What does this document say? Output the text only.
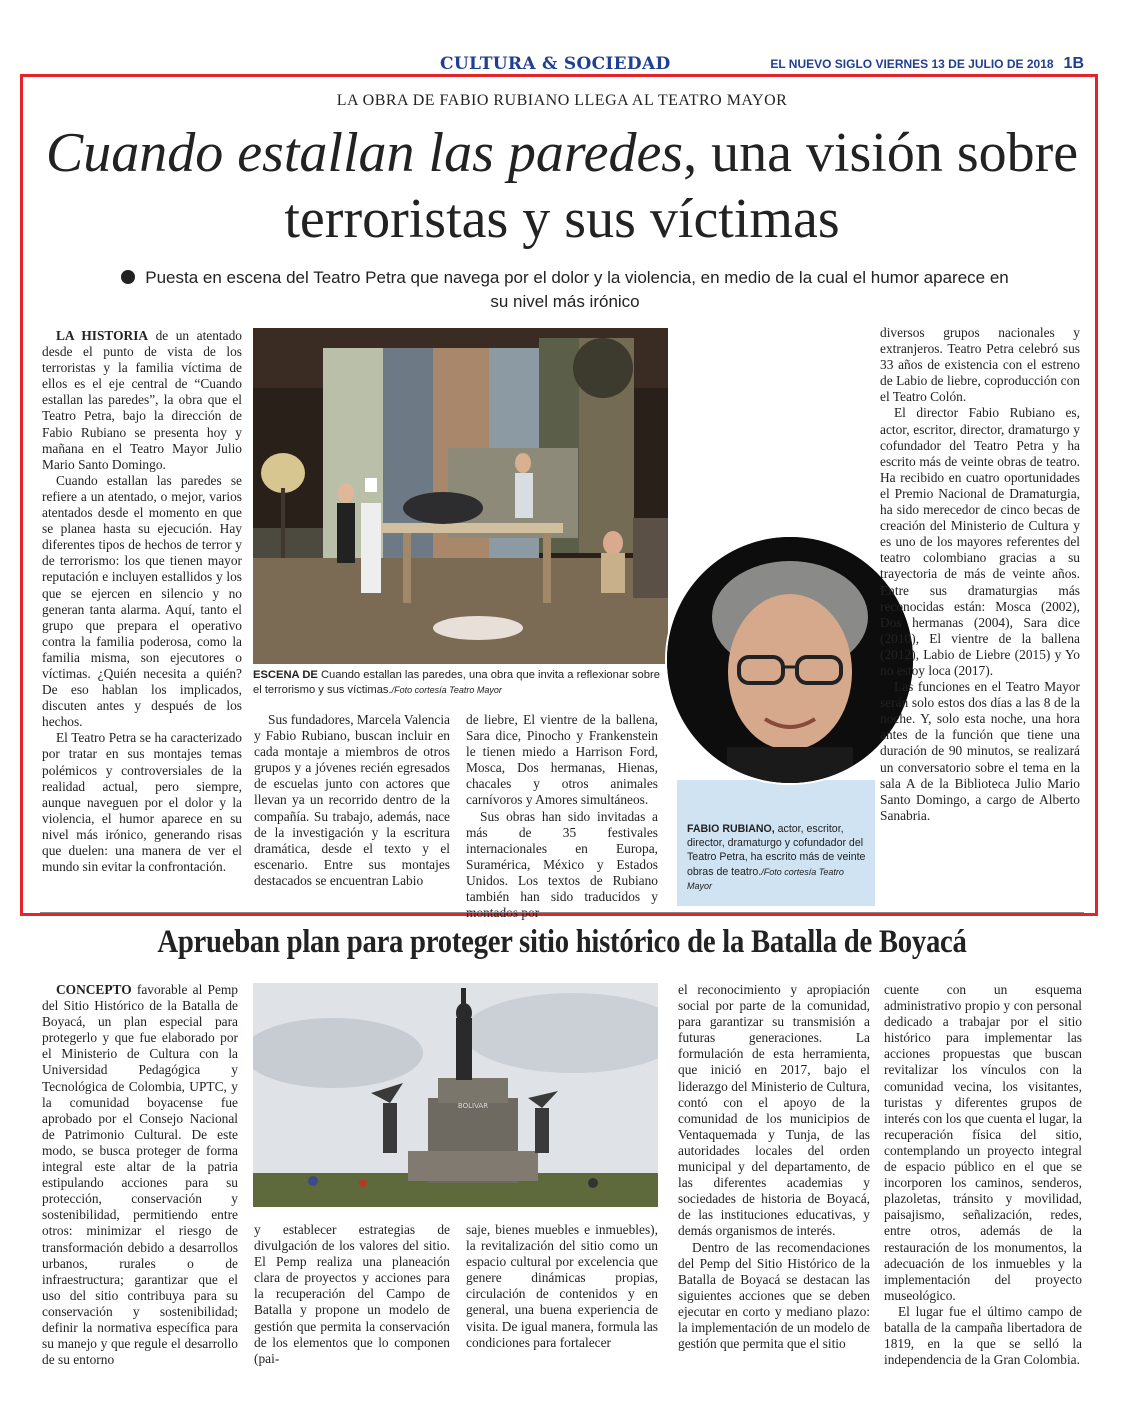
CULTURA & SOCIEDAD	EL NUEVO SIGLO VIERNES 13 DE JULIO DE 2018 1B
LA OBRA DE FABIO RUBIANO LLEGA AL TEATRO MAYOR
Cuando estallan las paredes, una visión sobre terroristas y sus víctimas
Puesta en escena del Teatro Petra que navega por el dolor y la violencia, en medio de la cual el humor aparece en su nivel más irónico

LA HISTORIA de un atentado desde el punto de vista de los terroristas y la familia víctima de ellos es el eje central de “Cuando estallan las paredes”, la obra que el Teatro Petra, bajo la dirección de Fabio Rubiano se presenta hoy y mañana en el Teatro Mayor Julio Mario Santo Domingo.

Cuando estallan las paredes se refiere a un atentado, o mejor, varios atentados desde el momento en que se planea hasta su ejecución. Hay diferentes tipos de hechos de terror y de terrorismo: los que tienen mayor reputación e incluyen estallidos y los que se ejercen en silencio y no generan tanta alarma. Aquí, tanto el grupo que prepara el operativo contra la familia poderosa, como la familia misma, son ejecutores o víctimas. ¿Quién necesita a quién? De eso hablan los implicados, discuten antes y después de los hechos.

El Teatro Petra se ha caracterizado por tratar en sus montajes temas polémicos y controversiales de la realidad actual, pero siempre, aunque naveguen por el dolor y la violencia, el humor aparece en su nivel más irónico, generando risas que duelen: una manera de ver el mundo sin evitar la confrontación.

ESCENA DE Cuando estallan las paredes, una obra que invita a reflexionar sobre el terrorismo y sus víctimas./Foto cortesía Teatro Mayor

Sus fundadores, Marcela Valencia y Fabio Rubiano, buscan incluir en cada montaje a miembros de otros grupos y a jóvenes recién egresados de escuelas junto con actores que llevan ya un recorrido dentro de la compañía. Su trabajo, además, nace de la investigación y la escritura dramática, desde el texto y el escenario. Entre sus montajes destacados se encuentran Labio

de liebre, El vientre de la ballena, Sara dice, Pinocho y Frankenstein le tienen miedo a Harrison Ford, Mosca, Dos hermanas, Hienas, chacales y otros animales carnívoros y Amores simultáneos.

Sus obras han sido invitadas a más de 35 festivales internacionales en Europa, Suramérica, México y Estados Unidos. Los textos de Rubiano también han sido traducidos y montados por

FABIO RUBIANO, actor, escritor, director, dramaturgo y cofundador del Teatro Petra, ha escrito más de veinte obras de teatro./Foto cortesía Teatro Mayor

diversos grupos nacionales y extranjeros. Teatro Petra celebró sus 33 años de existencia con el estreno de Labio de liebre, coproducción con el Teatro Colón.

El director Fabio Rubiano es, actor, escritor, director, dramaturgo y cofundador del Teatro Petra y ha escrito más de veinte obras de teatro. Ha recibido en cuatro oportunidades el Premio Nacional de Dramaturgia, ha sido merecedor de cinco becas de creación del Ministerio de Cultura y es uno de los mayores referentes del teatro colombiano gracias a su trayectoria de más de veinte años. Entre sus dramaturgias más reconocidas están: Mosca (2002), Dos hermanas (2004), Sara dice (2010), El vientre de la ballena (2012), Labio de Liebre (2015) y Yo no estoy loca (2017).

Las funciones en el Teatro Mayor serán solo estos dos días a las 8 de la noche. Y, solo esta noche, una hora antes de la función que tiene una duración de 90 minutos, se realizará un conversatorio sobre el tema en la sala A de la Biblioteca Julio Mario Santo Domingo, a cargo de Alberto Sanabria.

Aprueban plan para proteger sitio histórico de la Batalla de Boyacá

CONCEPTO favorable al Pemp del Sitio Histórico de la Batalla de Boyacá, un plan especial para protegerlo y que fue elaborado por el Ministerio de Cultura con la Universidad Pedagógica y Tecnológica de Colombia, UPTC, y la comunidad boyacense fue aprobado por el Consejo Nacional de Patrimonio Cultural. De este modo, se busca proteger de forma integral este altar de la patria estipulando acciones para su protección, conservación y sostenibilidad, permitiendo entre otros: minimizar el riesgo de transformación debido a desarrollos urbanos, rurales o de infraestructura; garantizar que el uso del sitio contribuya para su conservación y sostenibilidad; definir la normativa específica para su manejo y que regule el desarrollo de su entorno

BOLIVAR

y establecer estrategias de divulgación de los valores del sitio. El Pemp realiza una planeación clara de proyectos y acciones para la recuperación del Campo de Batalla y propone un modelo de gestión que permita la conservación de los elementos que lo componen (pai-

saje, bienes muebles e inmuebles), la revitalización del sitio como un espacio cultural por excelencia que genere dinámicas propias, circulación de contenidos y en general, una buena experiencia de visita. De igual manera, formula las condiciones para fortalecer

el reconocimiento y apropiación social por parte de la comunidad, para garantizar su transmisión a futuras generaciones. La formulación de esta herramienta, que inició en 2017, bajo el liderazgo del Ministerio de Cultura, contó con el apoyo de la comunidad de los municipios de Ventaquemada y Tunja, de las autoridades locales del orden municipal y del departamento, de las diferentes academias y sociedades de historia de Boyacá, de las instituciones educativas, y demás organismos de interés.

Dentro de las recomendaciones del Pemp del Sitio Histórico de la Batalla de Boyacá se destacan las siguientes acciones que se deben ejecutar en corto y mediano plazo: la implementación de un modelo de gestión que permita que el sitio

cuente con un esquema administrativo propio y con personal dedicado a trabajar por el sitio histórico para implementar las acciones propuestas que buscan revitalizar los vínculos con la comunidad vecina, los visitantes, turistas y diferentes grupos de interés con los que cuenta el lugar, la recuperación física del sitio, contemplando un proyecto integral de espacio público en el que se incorporen los caminos, senderos, plazoletas, tránsito y movilidad, paisajismo, señalización, redes, entre otros, además de la restauración de los monumentos, la adecuación de los inmuebles y la implementación del proyecto museológico.

El lugar fue el último campo de batalla de la campaña libertadora de 1819, en la que se selló la independencia de la Gran Colombia.
